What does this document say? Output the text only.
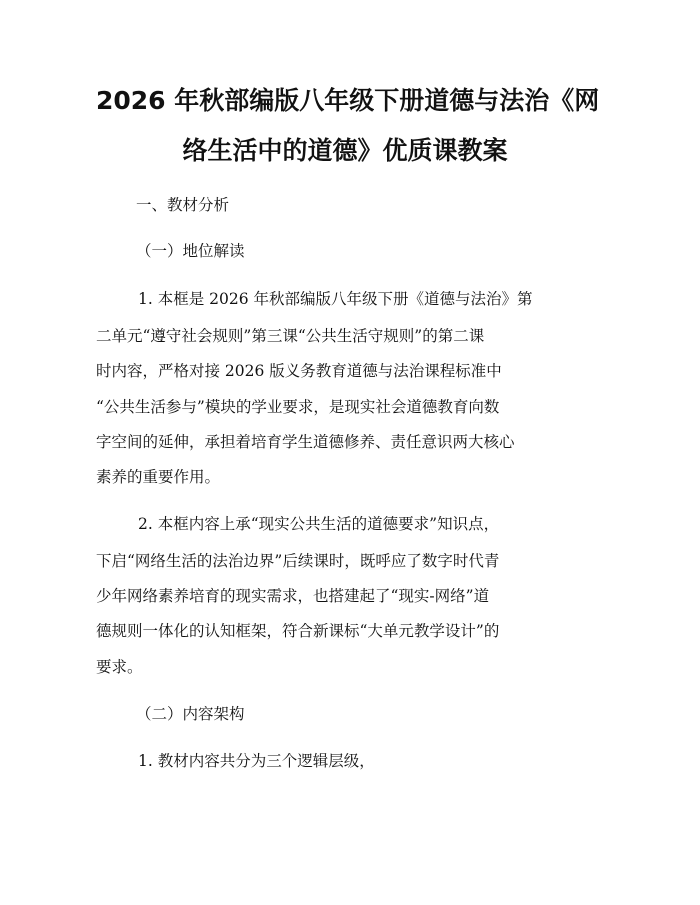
2026 年秋部编版八年级下册道德与法治《网
络生活中的道德》优质课教案

一、教材分析

（一）地位解读

1. 本框是 2026 年秋部编版八年级下册《道德与法治》第

二单元“遵守社会规则”第三课“公共生活守规则”的第二课

时内容，严格对接 2026 版义务教育道德与法治课程标准中

“公共生活参与”模块的学业要求，是现实社会道德教育向数

字空间的延伸，承担着培育学生道德修养、责任意识两大核心

素养的重要作用。

2. 本框内容上承“现实公共生活的道德要求”知识点，

下启“网络生活的法治边界”后续课时，既呼应了数字时代青

少年网络素养培育的现实需求，也搭建起了“现实-网络”道

德规则一体化的认知框架，符合新课标“大单元教学设计”的

要求。

（二）内容架构

1. 教材内容共分为三个逻辑层级，
